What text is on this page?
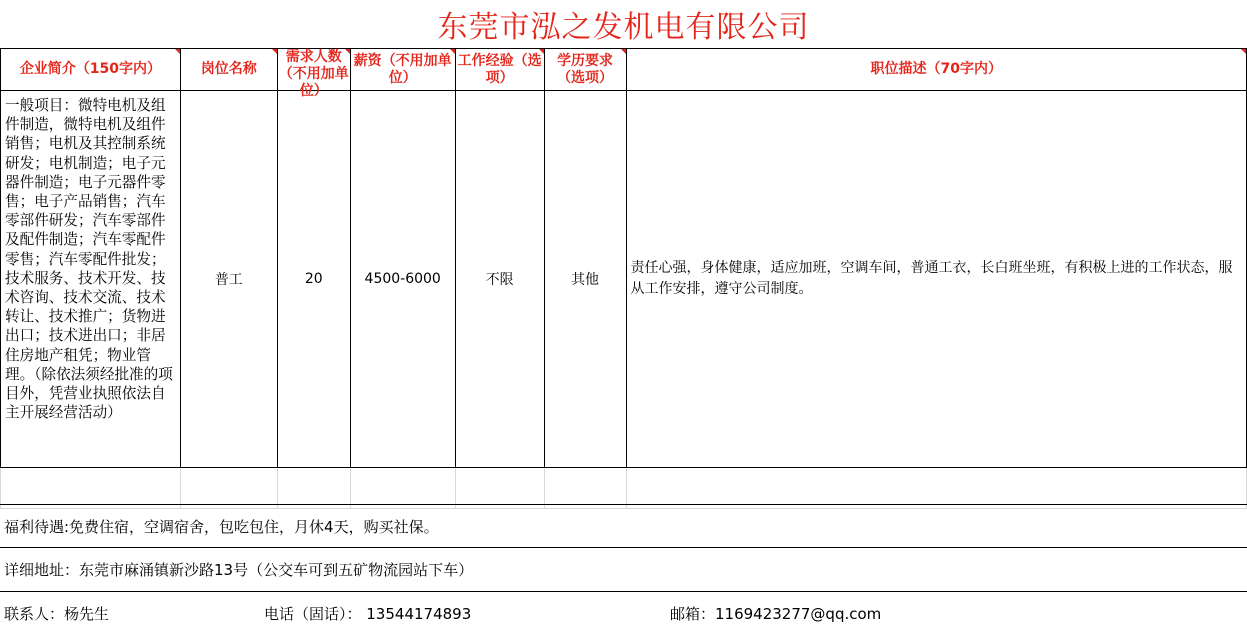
东莞市泓之发机电有限公司
企业简介（150字内）	岗位名称	需求人数（不用加单位）	薪资（不用加单位）	工作经验（选项）	学历要求（选项）	职位描述（70字内）

一般项目：微特电机及组件制造，微特电机及组件销售；电机及其控制系统研发；电机制造；电子元器件制造；电子元器件零售；电子产品销售；汽车零部件研发；汽车零部件及配件制造；汽车零配件零售；汽车零配件批发；技术服务、技术开发、技术咨询、技术交流、技术转让、技术推广；货物进出口；技术进出口；非居住房地产租凭；物业管理。（除依法须经批准的项目外，凭营业执照依法自主开展经营活动）	普工	20	4500-6000	不限	其他	责任心强，身体健康，适应加班，空调车间，普通工衣，长白班坐班，有积极上进的工作状态，服从工作安排，遵守公司制度。

福利待遇:免费住宿，空调宿舍，包吃包住，月休4天，购买社保。
详细地址：东莞市麻涌镇新沙路13号（公交车可到五矿物流园站下车）
联系人：杨先生	电话（固话）： 13544174893	邮箱：1169423277@qq.com
